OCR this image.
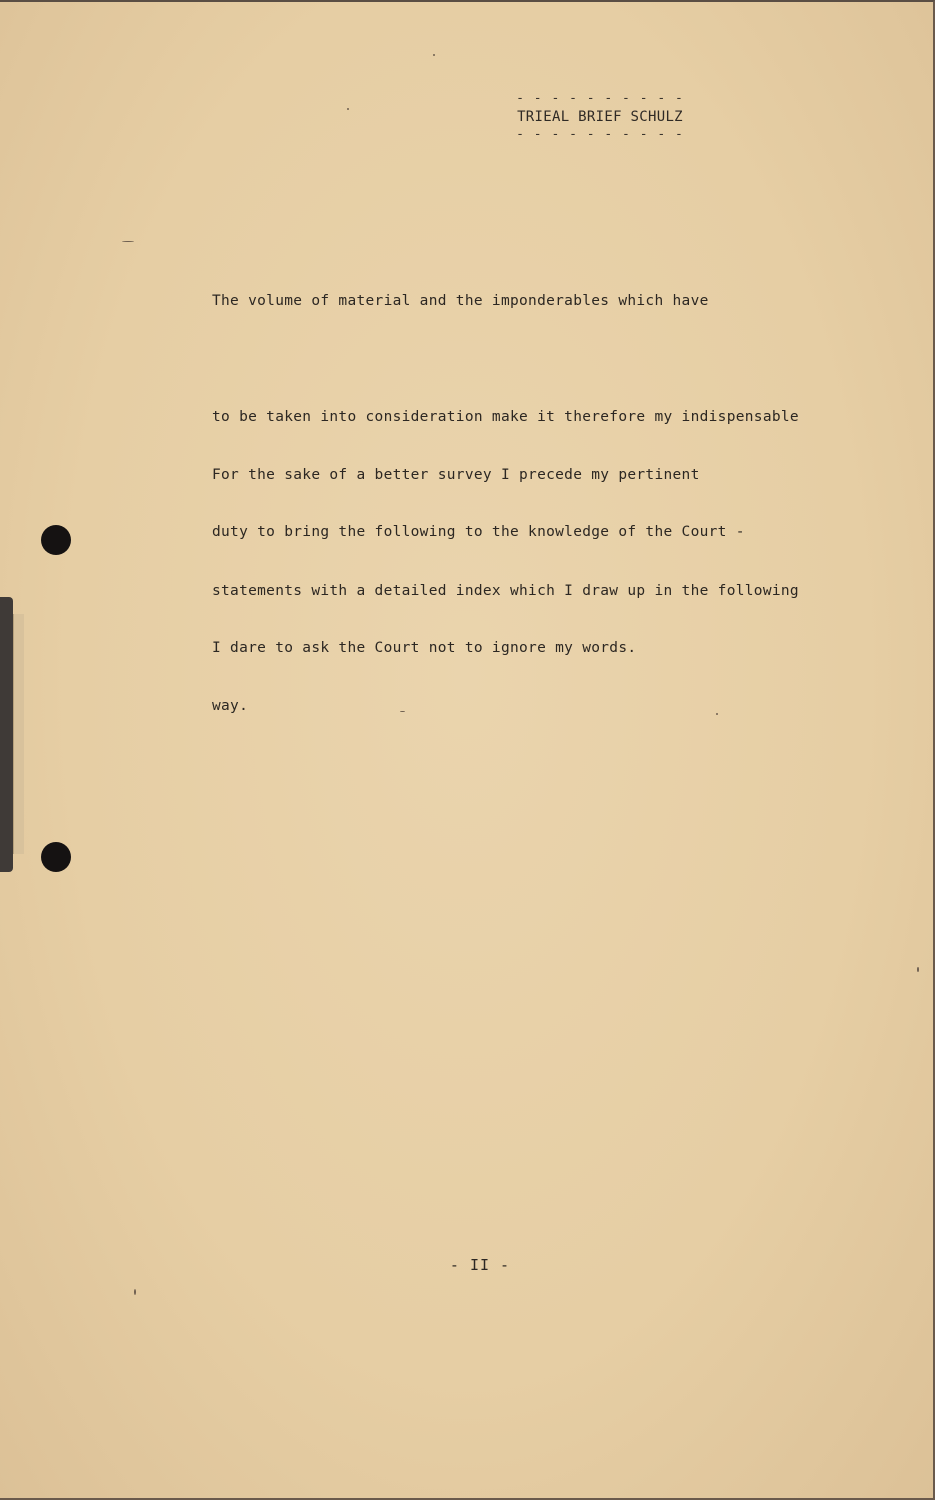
- - - - - - - - - -
TRIEAL BRIEF SCHULZ
- - - - - - - - - -

The volume of material and the imponderables which have

to be taken into consideration make it therefore my indispensable

duty to bring the following to the knowledge of the Court -

I dare to ask the Court not to ignore my words.

For the sake of a better survey I precede my pertinent

statements with a detailed index which I draw up in the following

way.

- II -
